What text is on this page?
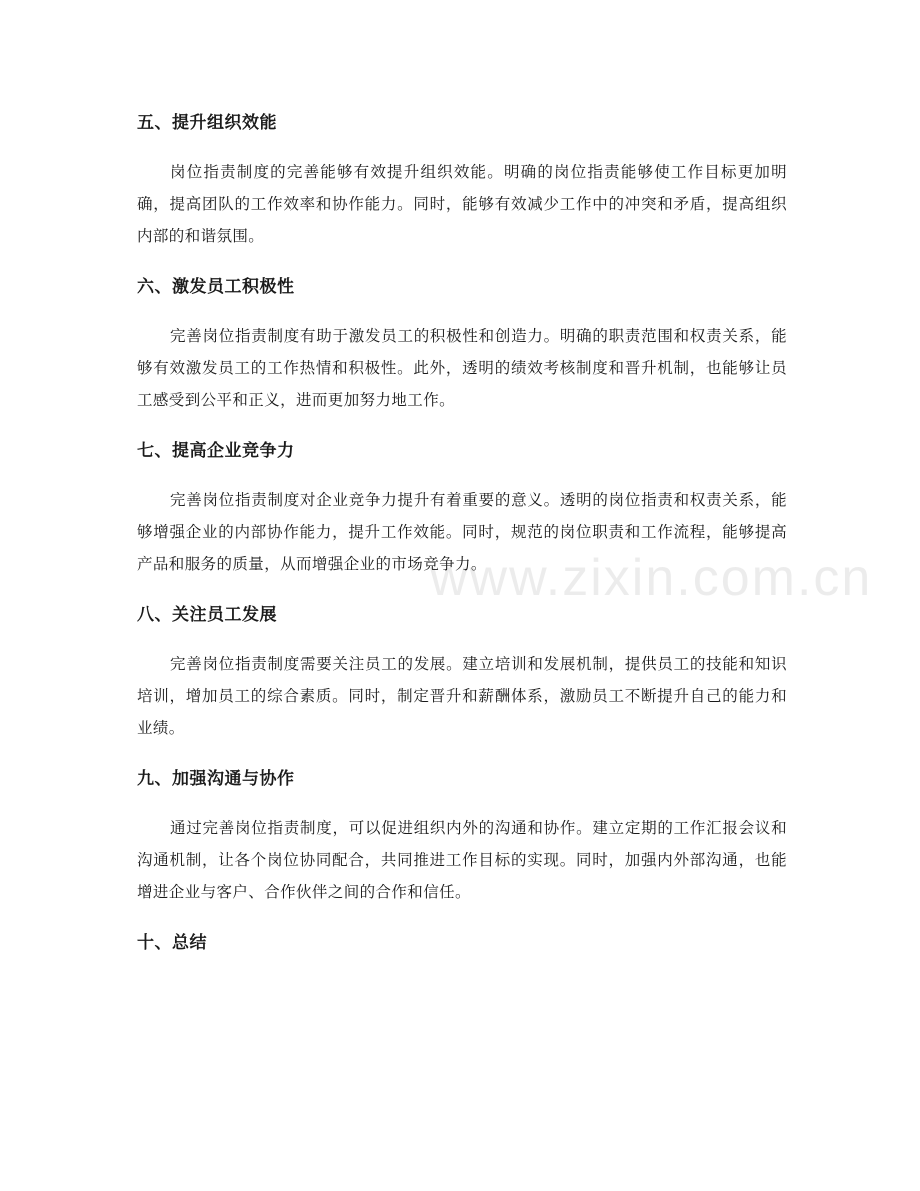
五、提升组织效能

岗位指责制度的完善能够有效提升组织效能。明确的岗位指责能够使工作目标更加明确，提高团队的工作效率和协作能力。同时，能够有效减少工作中的冲突和矛盾，提高组织内部的和谐氛围。

六、激发员工积极性

完善岗位指责制度有助于激发员工的积极性和创造力。明确的职责范围和权责关系，能够有效激发员工的工作热情和积极性。此外，透明的绩效考核制度和晋升机制，也能够让员工感受到公平和正义，进而更加努力地工作。

七、提高企业竞争力

完善岗位指责制度对企业竞争力提升有着重要的意义。透明的岗位指责和权责关系，能够增强企业的内部协作能力，提升工作效能。同时，规范的岗位职责和工作流程，能够提高产品和服务的质量，从而增强企业的市场竞争力。

八、关注员工发展

完善岗位指责制度需要关注员工的发展。建立培训和发展机制，提供员工的技能和知识培训，增加员工的综合素质。同时，制定晋升和薪酬体系，激励员工不断提升自己的能力和业绩。

九、加强沟通与协作

通过完善岗位指责制度，可以促进组织内外的沟通和协作。建立定期的工作汇报会议和沟通机制，让各个岗位协同配合，共同推进工作目标的实现。同时，加强内外部沟通，也能增进企业与客户、合作伙伴之间的合作和信任。

十、总结
www.zixin.com.cn
